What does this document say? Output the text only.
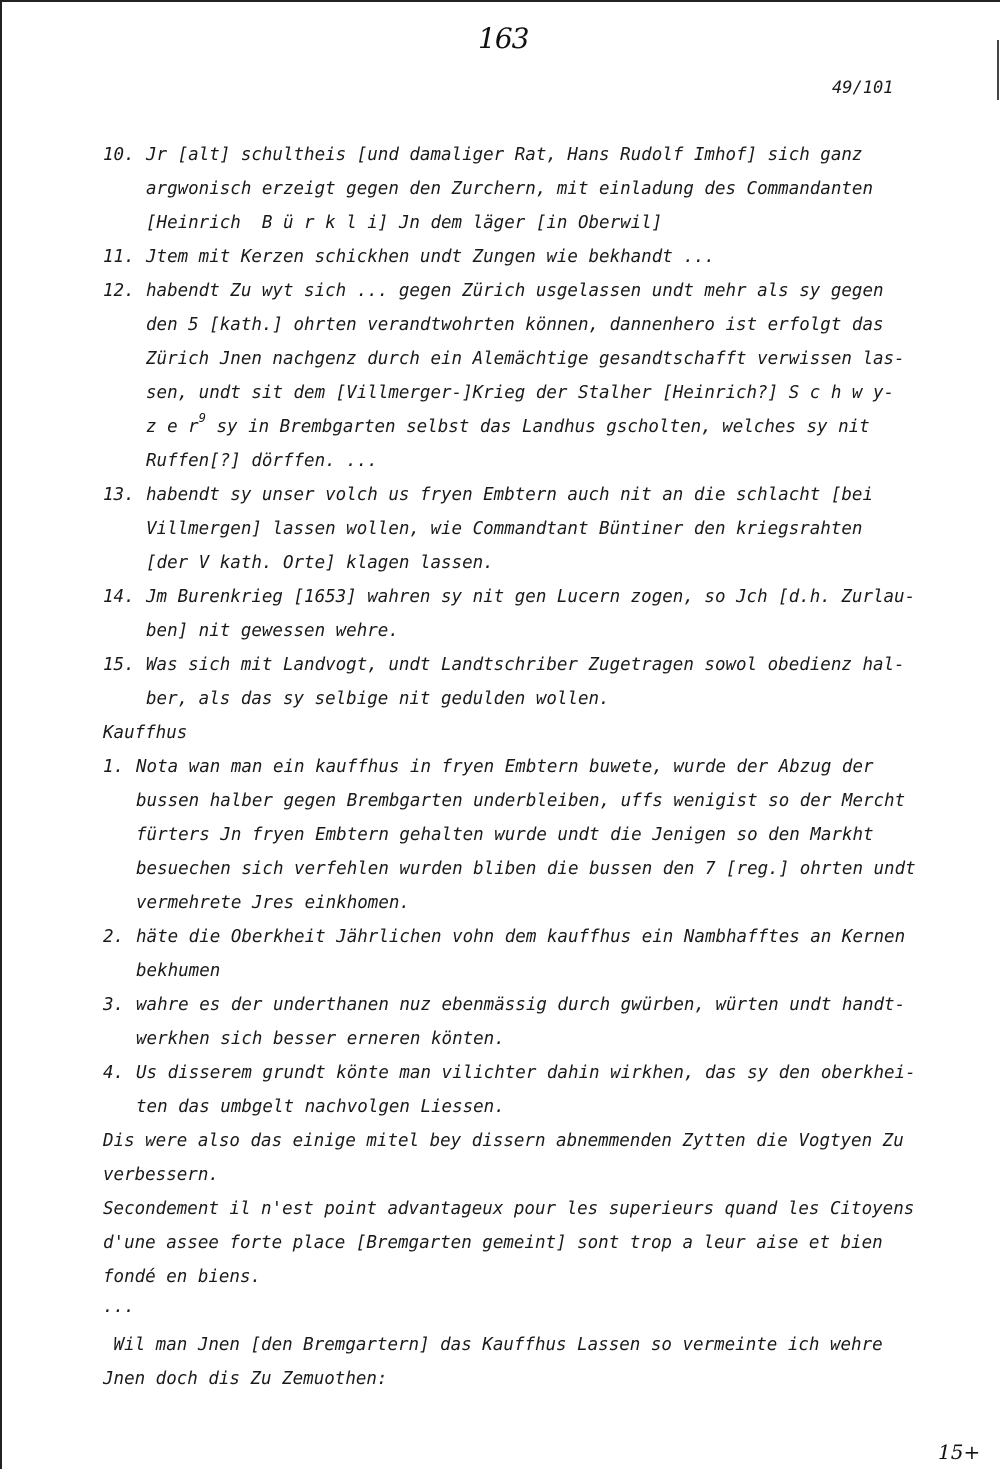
163
49/101
10. Jr [alt] schultheis [und damaliger Rat, Hans Rudolf Imhof] sich ganz
argwonisch erzeigt gegen den Zurchern, mit einladung des Commandanten
[Heinrich  B ü r k l i] Jn dem läger [in Oberwil]
11. Jtem mit Kerzen schickhen undt Zungen wie bekhandt ...
12. habendt Zu wyt sich ... gegen Zürich usgelassen undt mehr als sy gegen
den 5 [kath.] ohrten verandtwohrten können, dannenhero ist erfolgt das
Zürich Jnen nachgenz durch ein Alemächtige gesandtschafft verwissen las-
sen, undt sit dem [Villmerger-]Krieg der Stalher [Heinrich?] S c h w y-
z e $r^9$ sy in Brembgarten selbst das Landhus gscholten, welches sy nit
Ruffen[?] dörffen. ...
13. habendt sy unser volch us fryen Embtern auch nit an die schlacht [bei
Villmergen] lassen wollen, wie Commandtant Büntiner den kriegsrahten
[der V kath. Orte] klagen lassen.
14. Jm Burenkrieg [1653] wahren sy nit gen Lucern zogen, so Jch [d.h. Zurlau-
ben] nit gewessen wehre.
15. Was sich mit Landvogt, undt Landtschriber Zugetragen sowol obedienz hal-
ber, als das sy selbige nit gedulden wollen.
Kauffhus
1. Nota wan man ein kauffhus in fryen Embtern buwete, wurde der Abzug der
bussen halber gegen Brembgarten underbleiben, uffs wenigist so der Mercht
fürters Jn fryen Embtern gehalten wurde undt die Jenigen so den Markht
besuechen sich verfehlen wurden bliben die bussen den 7 [reg.] ohrten undt
vermehrete Jres einkhomen.
2. häte die Oberkheit Jährlichen vohn dem kauffhus ein Nambhafftes an Kernen
bekhumen
3. wahre es der underthanen nuz ebenmässig durch gwürben, würten undt handt-
werkhen sich besser erneren könten.
4. Us disserem grundt könte man vilichter dahin wirkhen, das sy den oberkhei-
ten das umbgelt nachvolgen Liessen.
Dis were also das einige mitel bey dissern abnemmenden Zytten die Vogtyen Zu
verbessern.
Secondement il n'est point advantageux pour les superieurs quand les Citoyens
d'une assee forte place [Bremgarten gemeint] sont trop a leur aise et bien
fondé en biens.
...
Wil man Jnen [den Bremgartern] das Kauffhus Lassen so vermeinte ich wehre
Jnen doch dis Zu Zemuothen:
15+
